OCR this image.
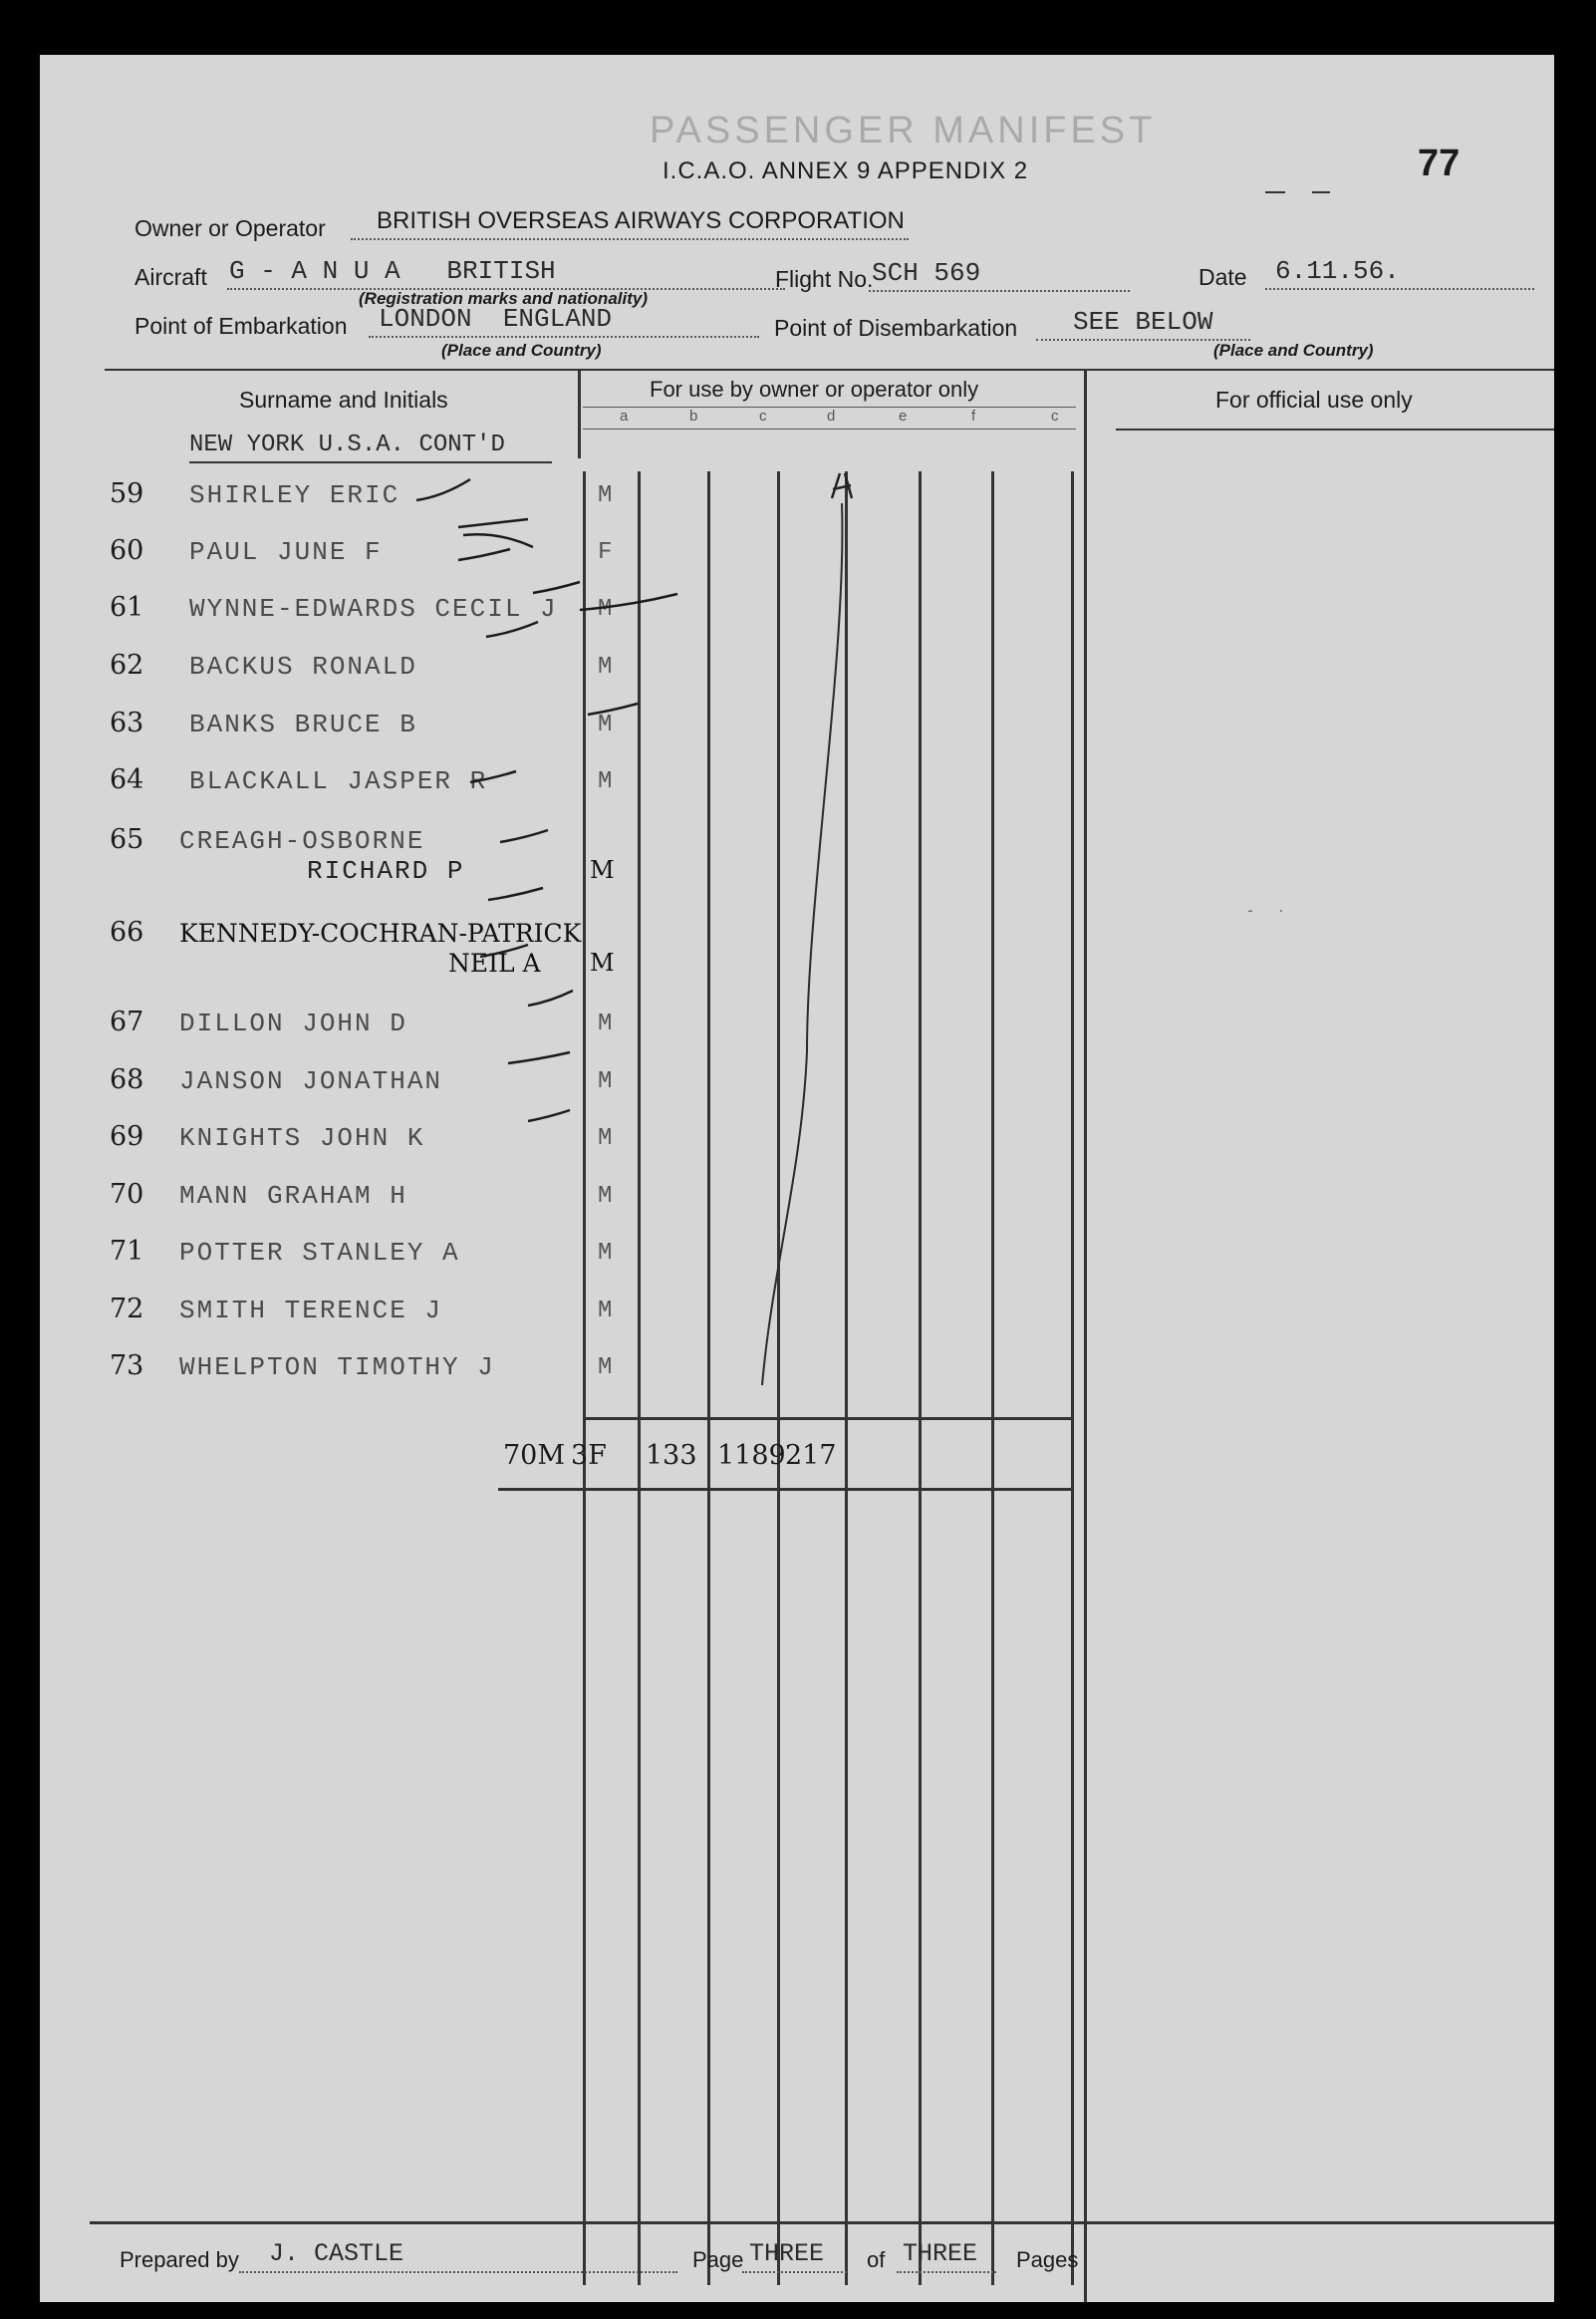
PASSENGER MANIFEST
I.C.A.O. ANNEX 9 APPENDIX 2	77
Owner or Operator BRITISH OVERSEAS AIRWAYS CORPORATION
Aircraft G - A N U A   BRITISH
(Registration marks and nationality)
Flight No.
SCH 569	Date 6.11.56.
Point of Embarkation LONDON  ENGLAND
(Place and Country)
Point of Disembarkation SEE BELOW
(Place and Country)
Surname and Initials	For use by owner or operator only	For official use only
a	b	c	d	e	f	c
NEW YORK U.S.A. CONT'D
59 SHIRLEY ERIC	M
60 PAUL JUNE F	F
61 WYNNE-EDWARDS CECIL J M
62 BACKUS RONALD	M
63 BANKS BRUCE B	M
64 BLACKALL JASPER R	M
65 CREAGH-OSBORNE
RICHARD P	M
66 KENNEDY-COCHRAN-PATRICK
NEIL A M
67 DILLON JOHN D	M
68 JANSON JONATHAN	M
69 KNIGHTS JOHN K	M
70 MANN GRAHAM H	M
71 POTTER STANLEY A	M
72 SMITH TERENCE J	M
73 WHELPTON TIMOTHY J	M
70M 3F 133 1189 217
-     ·
Prepared by J. CASTLE	Page THREE of THREE Pages
